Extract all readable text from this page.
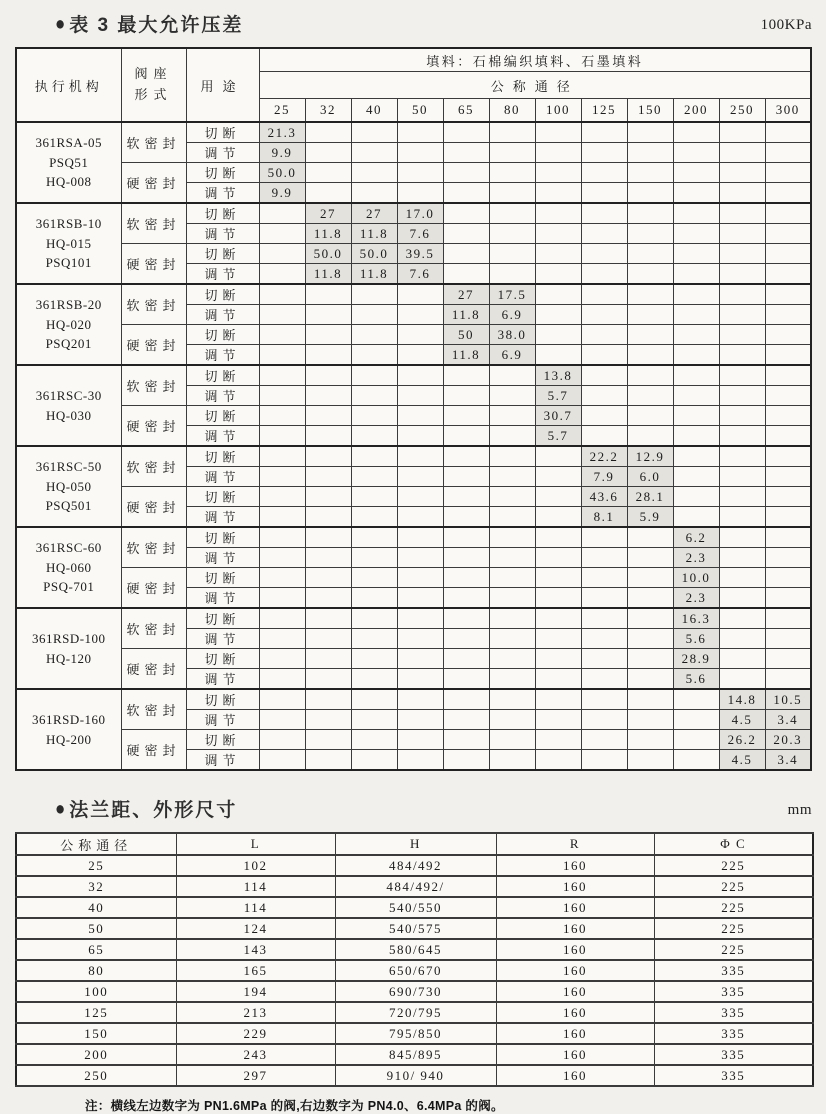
● 表 3 最大允许压差	100KPa
执行机构	阀座
形式	用途	填料：石棉编织填料、石墨填料											
			公称通径											
			25	32	40	50	65	80	100	125	150	200	250	300
361RSA-05
PSQ51
HQ-008	软密封	切断	21.3											
		调节	9.9											
	硬密封	切断	50.0											
		调节	9.9											
361RSB-10
HQ-015
PSQ101	软密封	切断		27	27	17.0								
		调节		11.8	11.8	7.6								
	硬密封	切断		50.0	50.0	39.5								
		调节		11.8	11.8	7.6								
361RSB-20
HQ-020
PSQ201	软密封	切断					27	17.5						
		调节					11.8	6.9						
	硬密封	切断					50	38.0						
		调节					11.8	6.9						
361RSC-30
HQ-030	软密封	切断							13.8					
		调节							5.7					
	硬密封	切断							30.7					
		调节							5.7					
361RSC-50
HQ-050
PSQ501	软密封	切断								22.2	12.9			
		调节								7.9	6.0			
	硬密封	切断								43.6	28.1			
		调节								8.1	5.9			
361RSC-60
HQ-060
PSQ-701	软密封	切断										6.2		
		调节										2.3		
	硬密封	切断										10.0		
		调节										2.3		
361RSD-100
HQ-120	软密封	切断										16.3		
		调节										5.6		
	硬密封	切断										28.9		
		调节										5.6		
361RSD-160
HQ-200	软密封	切断											14.8	10.5
		调节											4.5	3.4
	硬密封	切断											26.2	20.3
		调节											4.5	3.4
● 法兰距、外形尺寸	mm
公称通径	L	H	R	Φ C
25	102	484/492	160	225
32	114	484/492/	160	225
40	114	540/550	160	225
50	124	540/575	160	225
65	143	580/645	160	225
80	165	650/670	160	335
100	194	690/730	160	335
125	213	720/795	160	335
150	229	795/850	160	335
200	243	845/895	160	335
250	297	910/ 940	160	335

注：横线左边数字为 PN1.6MPa 的阀,右边数字为 PN4.0、6.4MPa 的阀。
